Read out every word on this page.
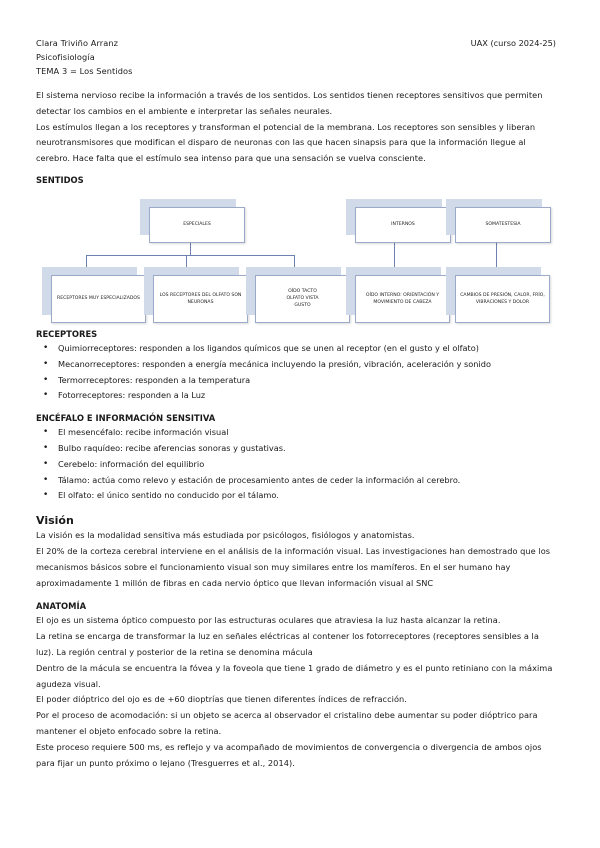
Clara Triviño Arranz	UAX (curso 2024-25)
Psicofisiología
TEMA 3 = Los Sentidos

El sistema nervioso recibe la información a través de los sentidos. Los sentidos tienen receptores sensitivos que permiten detectar los cambios en el ambiente e interpretar las señales neurales.

Los estímulos llegan a los receptores y transforman el potencial de la membrana. Los receptores son sensibles y liberan neurotransmisores que modifican el disparo de neuronas con las que hacen sinapsis para que la información llegue al cerebro. Hace falta que el estímulo sea intenso para que una sensación se vuelva consciente.

SENTIDOS
ESPECIALES	INTERNOS	SOMATESTESIA
RECEPTORES MUY ESPECIALIZADOS
LOS RECEPTORES DEL OLFATO SON NEURONAS
OÍDO TACTO OLFATO VISTA GUSTO
OÍDO INTERNO: ORIENTACIÓN Y MOVIMIENTO DE CABEZA
CAMBIOS DE PRESIÓN, CALOR, FRÍO, VIBRACIONES Y DOLOR
RECEPTORES
• Quimiorreceptores: responden a los ligandos químicos que se unen al receptor (en el gusto y el olfato)
• Mecanorreceptores: responden a energía mecánica incluyendo la presión, vibración, aceleración y sonido
• Termorreceptores: responden a la temperatura
• Fotorreceptores: responden a la Luz
ENCÉFALO E INFORMACIÓN SENSITIVA
• El mesencéfalo: recibe información visual
• Bulbo raquídeo: recibe aferencias sonoras y gustativas.
• Cerebelo: información del equilibrio
• Tálamo: actúa como relevo y estación de procesamiento antes de ceder la información al cerebro.
• El olfato: el único sentido no conducido por el tálamo.
Visión

La visión es la modalidad sensitiva más estudiada por psicólogos, fisiólogos y anatomistas.

El 20% de la corteza cerebral interviene en el análisis de la información visual. Las investigaciones han demostrado que los mecanismos básicos sobre el funcionamiento visual son muy similares entre los mamíferos. En el ser humano hay aproximadamente 1 millón de fibras en cada nervio óptico que llevan información visual al SNC

ANATOMÍA

El ojo es un sistema óptico compuesto por las estructuras oculares que atraviesa la luz hasta alcanzar la retina.

La retina se encarga de transformar la luz en señales eléctricas al contener los fotorreceptores (receptores sensibles a la luz). La región central y posterior de la retina se denomina mácula

Dentro de la mácula se encuentra la fóvea y la foveola que tiene 1 grado de diámetro y es el punto retiniano con la máxima agudeza visual.

El poder dióptrico del ojo es de +60 dioptrías que tienen diferentes índices de refracción.

Por el proceso de acomodación: si un objeto se acerca al observador el cristalino debe aumentar su poder dióptrico para mantener el objeto enfocado sobre la retina.

Este proceso requiere 500 ms, es reflejo y va acompañado de movimientos de convergencia o divergencia de ambos ojos para fijar un punto próximo o lejano (Tresguerres et al., 2014).
